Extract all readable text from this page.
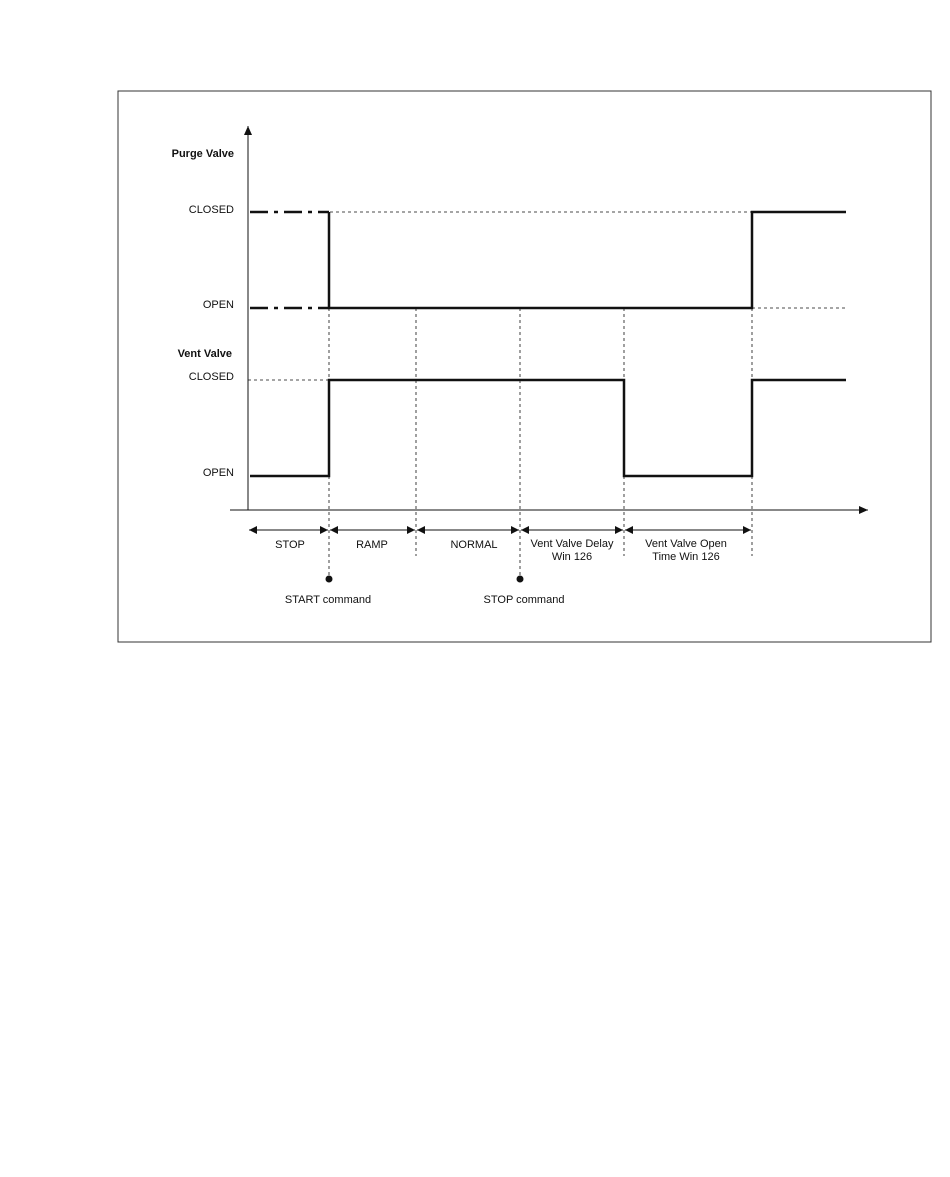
Purge Valve
CLOSED
OPEN
Vent Valve
CLOSED
OPEN
STOP	RAMP	NORMAL	Vent Valve Delay
Win 126
Vent Valve Open
Time Win 126
START command	STOP command
